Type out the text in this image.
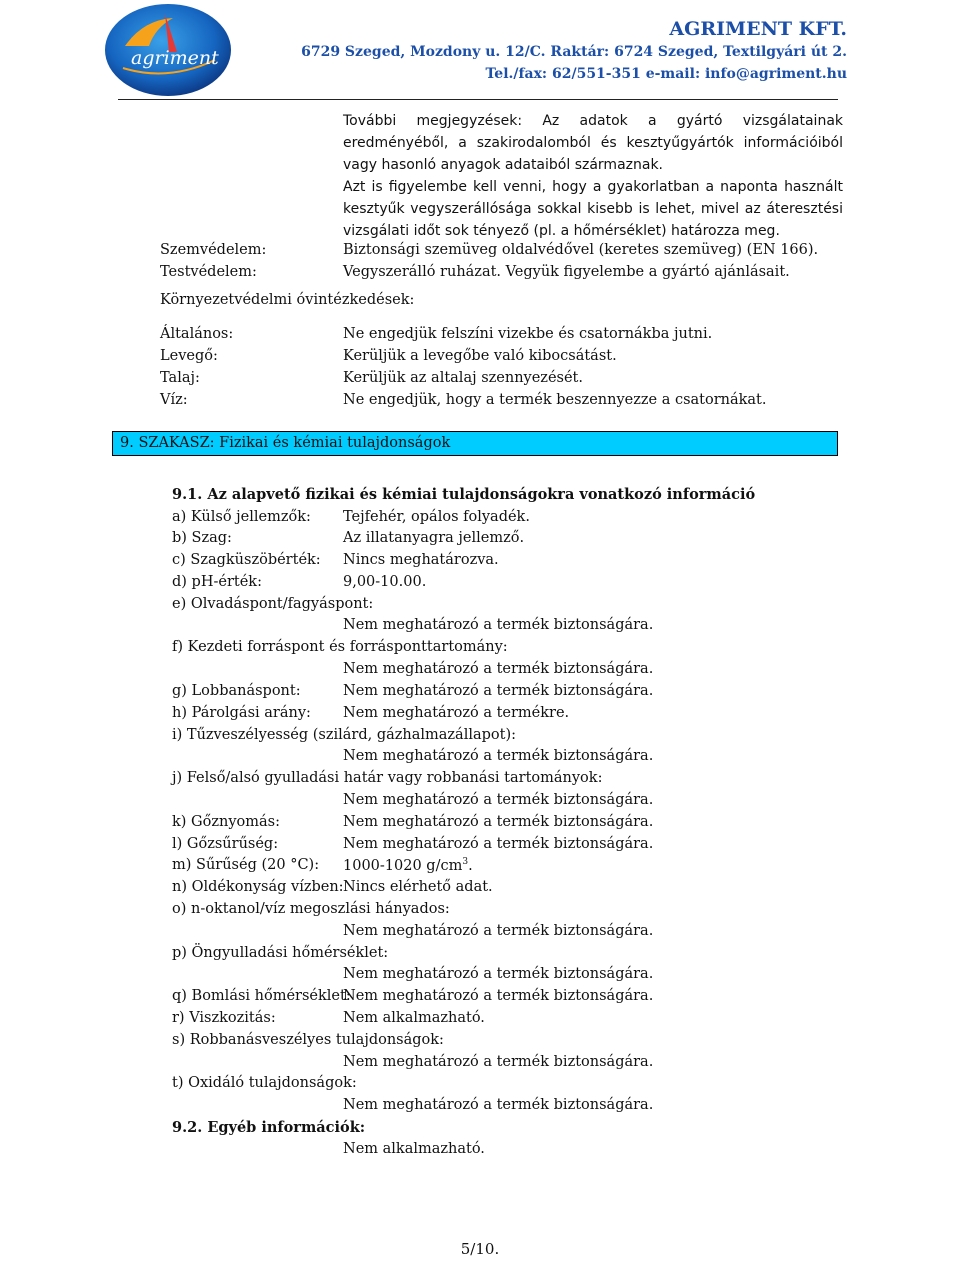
agriment
AGRIMENT KFT.
6729 Szeged, Mozdony u. 12/C. Raktár: 6724 Szeged, Textilgyári út 2.
Tel./fax: 62/551-351 e-mail: info@agriment.hu
További megjegyzések: Az adatok a gyártó vizsgálatainak
eredményéből, a szakirodalomból és kesztyűgyártók információiból
vagy hasonló anyagok adataiból származnak.
Azt is figyelembe kell venni, hogy a gyakorlatban a naponta használt
kesztyűk vegyszerállósága sokkal kisebb is lehet, mivel az áteresztési
vizsgálati időt sok tényező (pl. a hőmérséklet) határozza meg.
Szemvédelem:	Biztonsági szemüveg oldalvédővel (keretes szemüveg) (EN 166).
Testvédelem:	Vegyszerálló ruházat. Vegyük figyelembe a gyártó ajánlásait.
Környezetvédelmi óvintézkedések:
Általános:	Ne engedjük felszíni vizekbe és csatornákba jutni.
Levegő:	Kerüljük a levegőbe való kibocsátást.
Talaj:	Kerüljük az altalaj szennyezését.
Víz:	Ne engedjük, hogy a termék beszennyezze a csatornákat.
9. SZAKASZ: Fizikai és kémiai tulajdonságok
9.1. Az alapvető fizikai és kémiai tulajdonságokra vonatkozó információ
a) Külső jellemzők: Tejfehér, opálos folyadék.
b) Szag:	Az illatanyagra jellemző.
c) Szagküszöbérték: Nincs meghatározva.
d) pH-érték:	9,00-10.00.
e) Olvadáspont/fagyáspont:
Nem meghatározó a termék biztonságára.
f) Kezdeti forráspont és forrásponttartomány:
Nem meghatározó a termék biztonságára.
g) Lobbanáspont:	Nem meghatározó a termék biztonságára.
h) Párolgási arány: Nem meghatározó a termékre.
i) Tűzveszélyesség (szilárd, gázhalmazállapot):
Nem meghatározó a termék biztonságára.
j) Felső/alsó gyulladási határ vagy robbanási tartományok:
Nem meghatározó a termék biztonságára.
k) Gőznyomás:	Nem meghatározó a termék biztonságára.
l) Gőzsűrűség:	Nem meghatározó a termék biztonságára.
m) Sűrűség (20 °C): 1000-1020 $g/cm^3$.
n) Oldékonyság vízben: Nincs elérhető adat.
o) n-oktanol/víz megoszlási hányados:
Nem meghatározó a termék biztonságára.
p) Öngyulladási hőmérséklet:
Nem meghatározó a termék biztonságára.
q) Bomlási hőmérséklet:
Nem meghatározó a termék biztonságára.
r) Viszkozitás:	Nem alkalmazható.
s) Robbanásveszélyes tulajdonságok:
Nem meghatározó a termék biztonságára.
t) Oxidáló tulajdonságok:
Nem meghatározó a termék biztonságára.
9.2. Egyéb információk:
Nem alkalmazható.
5/10.
